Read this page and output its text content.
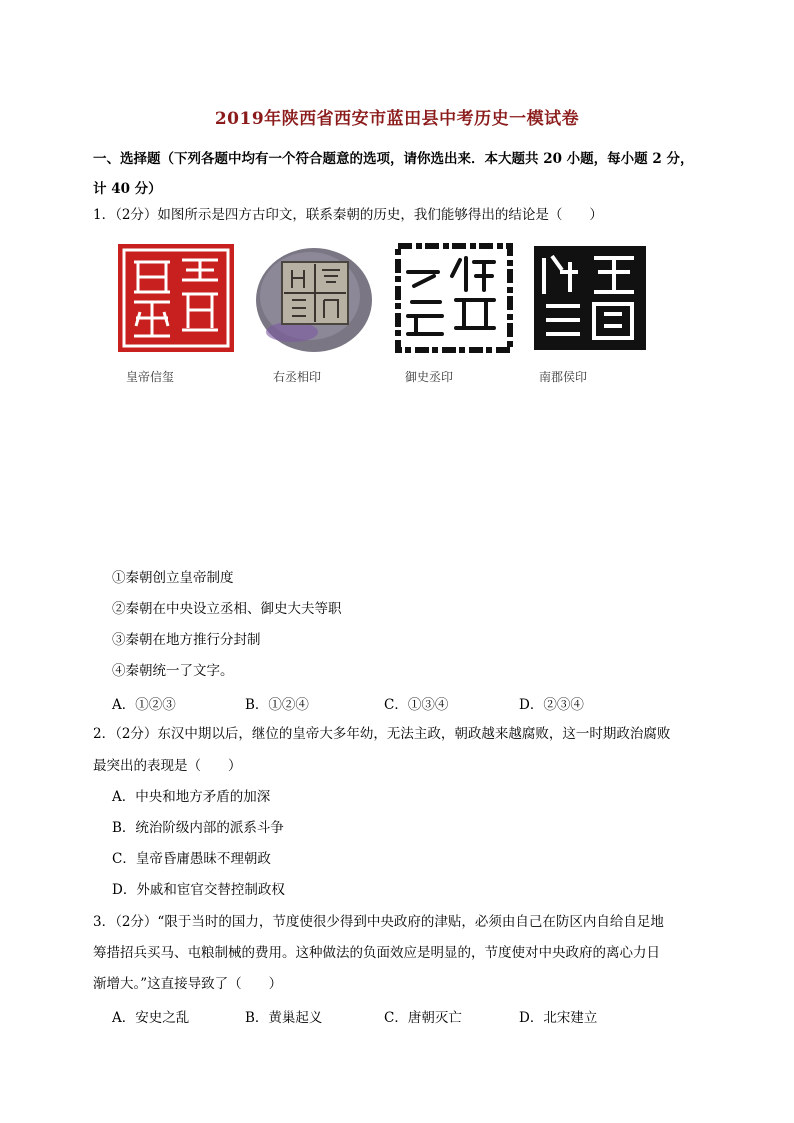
2019年陕西省西安市蓝田县中考历史一模试卷
一、选择题（下列各题中均有一个符合题意的选项，请你选出来．本大题共 20 小题，每小题 2 分，
计 40 分）
1．（2分）如图所示是四方古印文，联系秦朝的历史，我们能够得出的结论是（　　）
皇帝信玺	右丞相印	御史丞印	南郡侯印
①秦朝创立皇帝制度
②秦朝在中央设立丞相、御史大夫等职
③秦朝在地方推行分封制
④秦朝统一了文字。
A．①②③	B．①②④	C．①③④	D．②③④
2．（2分）东汉中期以后，继位的皇帝大多年幼，无法主政，朝政越来越腐败，这一时期政治腐败
最突出的表现是（　　）
A．中央和地方矛盾的加深
B．统治阶级内部的派系斗争
C．皇帝昏庸愚昧不理朝政
D．外戚和宦官交替控制政权
3．（2分）“限于当时的国力，节度使很少得到中央政府的津贴，必须由自己在防区内自给自足地
筹措招兵买马、屯粮制械的费用。这种做法的负面效应是明显的，节度使对中央政府的离心力日
渐增大。”这直接导致了（　　）
A．安史之乱	B．黄巢起义	C．唐朝灭亡	D．北宋建立
